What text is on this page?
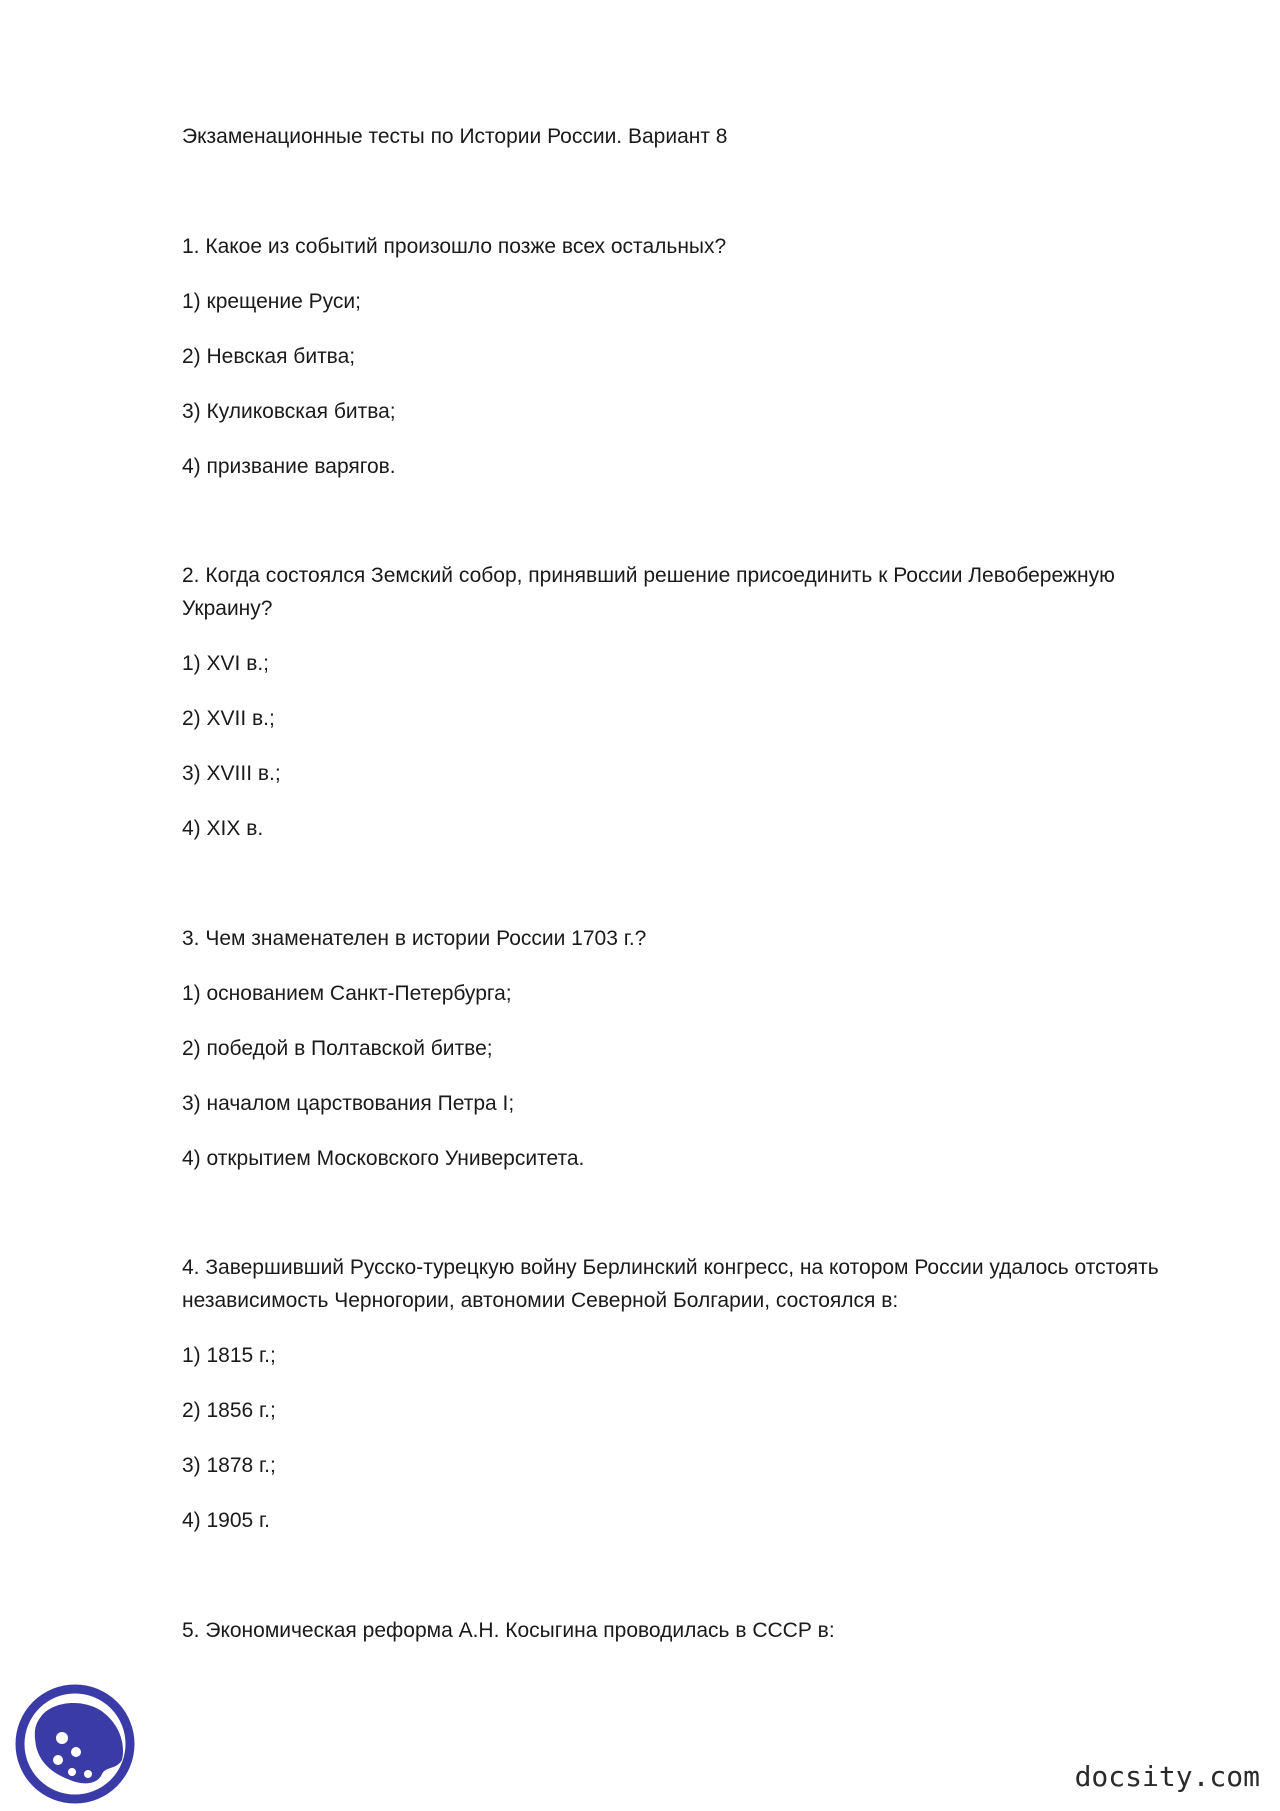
Экзаменационные тесты по Истории России. Вариант 8
1. Какое из событий произошло позже всех остальных?
1) крещение Руси;
2) Невская битва;
3) Куликовская битва;
4) призвание варягов.
2. Когда состоялся Земский собор, принявший решение присоединить к России Левобережную
Украину?
1) XVI в.;
2) XVII в.;
3) XVIII в.;
4) XIX в.
3. Чем знаменателен в истории России 1703 г.?
1) основанием Санкт-Петербурга;
2) победой в Полтавской битве;
3) началом царствования Петра I;
4) открытием Московского Университета.
4. Завершивший Русско-турецкую войну Берлинский конгресс, на котором России удалось отстоять
независимость Черногории, автономии Северной Болгарии, состоялся в:
1) 1815 г.;
2) 1856 г.;
3) 1878 г.;
4) 1905 г.
5. Экономическая реформа А.Н. Косыгина проводилась в СССР в:
docsity.com
